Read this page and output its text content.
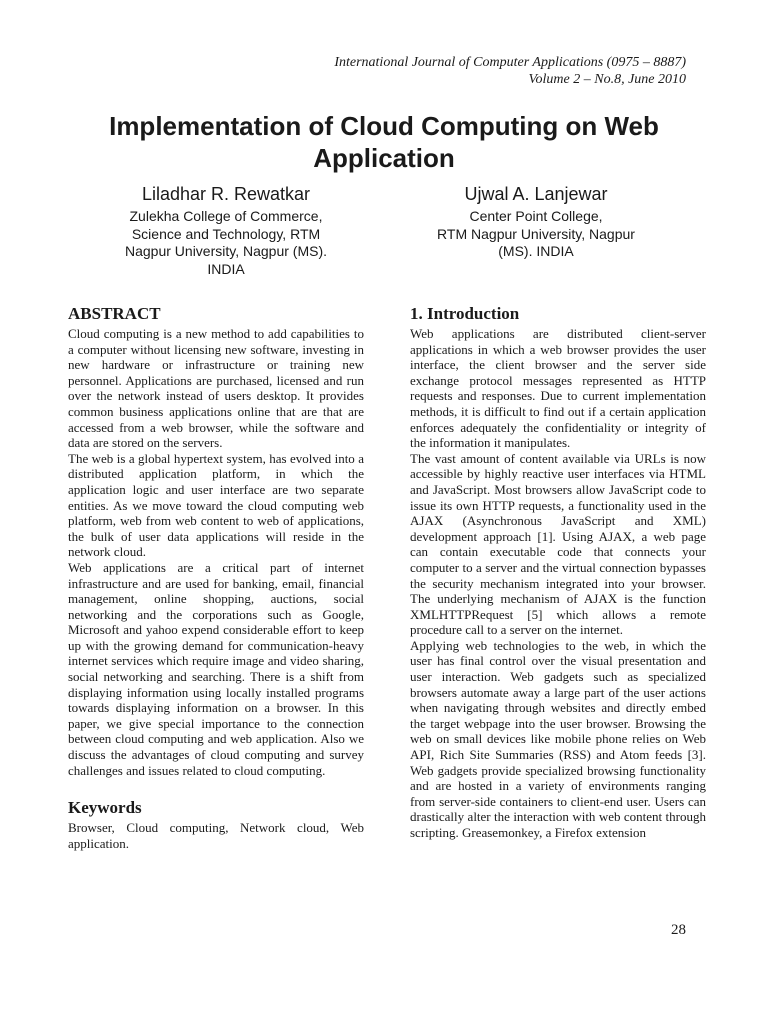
International Journal of Computer Applications (0975 – 8887)
Volume 2 – No.8, June 2010
Implementation of Cloud Computing on Web Application
Liladhar R. Rewatkar
Zulekha College of Commerce,
Science and Technology, RTM
Nagpur University, Nagpur (MS).
INDIA
Ujwal A. Lanjewar
Center Point College,
RTM Nagpur University, Nagpur
(MS). INDIA
ABSTRACT

Cloud computing is a new method to add capabilities to a computer without licensing new software, investing in new hardware or infrastructure or training new personnel. Applications are purchased, licensed and run over the network instead of users desktop. It provides common business applications online that are that are accessed from a web browser, while the software and data are stored on the servers.

The web is a global hypertext system, has evolved into a distributed application platform, in which the application logic and user interface are two separate entities. As we move toward the cloud computing web platform, web from web content to web of applications, the bulk of user data applications will reside in the network cloud.

Web applications are a critical part of internet infrastructure and are used for banking, email, financial management, online shopping, auctions, social networking and the corporations such as Google, Microsoft and yahoo expend considerable effort to keep up with the growing demand for communication-heavy internet services which require image and video sharing, social networking and searching. There is a shift from displaying information using locally installed programs towards displaying information on a browser. In this paper, we give special importance to the connection between cloud computing and web application. Also we discuss the advantages of cloud computing and survey challenges and issues related to cloud computing.

Keywords

Browser, Cloud computing, Network cloud, Web application.

1. Introduction

Web applications are distributed client-server applications in which a web browser provides the user interface, the client browser and the server side exchange protocol messages represented as HTTP requests and responses. Due to current implementation methods, it is difficult to find out if a certain application enforces adequately the confidentiality or integrity of the information it manipulates.

The vast amount of content available via URLs is now accessible by highly reactive user interfaces via HTML and JavaScript. Most browsers allow JavaScript code to issue its own HTTP requests, a functionality used in the AJAX (Asynchronous JavaScript and XML) development approach [1]. Using AJAX, a web page can contain executable code that connects your computer to a server and the virtual connection bypasses the security mechanism integrated into your browser. The underlying mechanism of AJAX is the function XMLHTTPRequest [5] which allows a remote procedure call to a server on the internet.

Applying web technologies to the web, in which the user has final control over the visual presentation and user interaction. Web gadgets such as specialized browsers automate away a large part of the user actions when navigating through websites and directly embed the target webpage into the user browser. Browsing the web on small devices like mobile phone relies on Web API, Rich Site Summaries (RSS) and Atom feeds [3]. Web gadgets provide specialized browsing functionality and are hosted in a variety of environments ranging from server-side containers to client-end user. Users can drastically alter the interaction with web content through scripting. Greasemonkey, a Firefox extension

28
